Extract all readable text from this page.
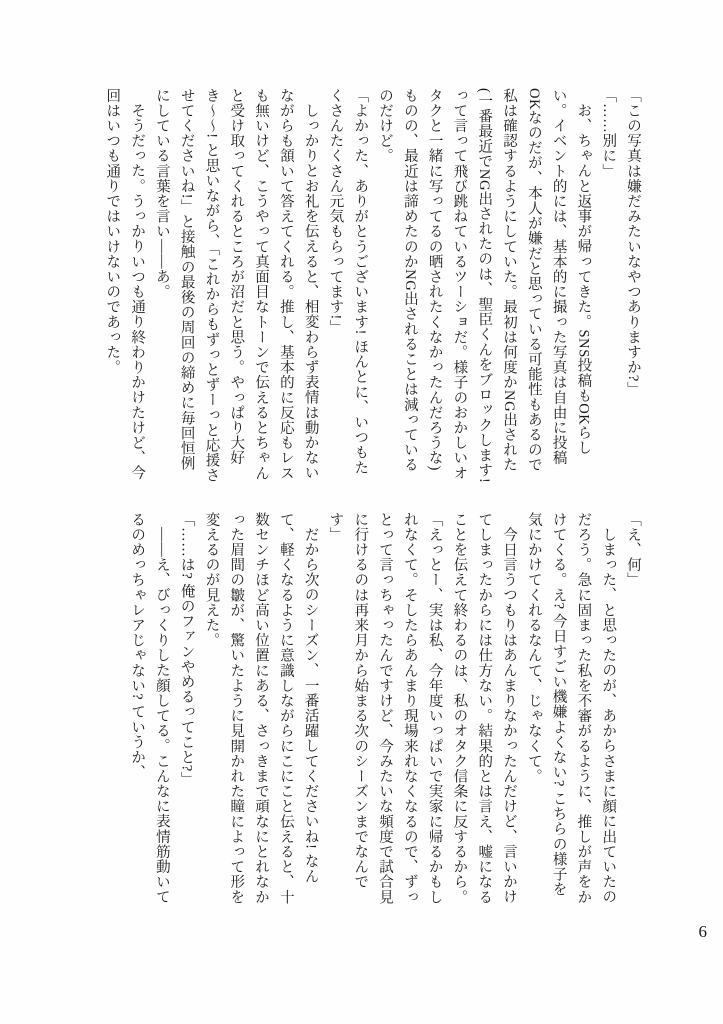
「この写真は嫌だみたいなやつありますか?」

「……別に」

お、ちゃんと返事が帰ってきた。SNS投稿もOKらしい。イベント的には、基本的に撮った写真は自由に投稿OKなのだが、本人が嫌だと思っている可能性もあるので私は確認するようにしていた。最初は何度かNG出された(一番最近でNG出されたのは、聖臣くんをブロックします! って言って飛び跳ねているツーショだ。様子のおかしいオタクと一緒に写ってるの晒されたくなかったんだろうな)ものの、最近は諦めたのかNG出されることは減っているのだけど。

「よかった、ありがとうございます! ほんとに、いつもたくさんたくさん元気もらってます!」

しっかりとお礼を伝えると、相変わらず表情は動かないながらも頷いて答えてくれる。推し、基本的に反応もレスも無いけど、こうやって真面目なトーンで伝えるとちゃんと受け取ってくれるところが沼だと思う。やっぱり大好き〜〜! と思いながら、「これからもずっとずーっと応援させてくださいね!」と接触の最後の周回の締めに毎回恒例にしている言葉を言い——あ。

そうだった。うっかりいつも通り終わりかけたけど、今回はいつも通りではいけないのであった。

「え、何」

しまった、と思ったのが、あからさまに顔に出ていたのだろう。急に固まった私を不審がるように、推しが声をかけてくる。え? 今日すごい機嫌よくない? こちらの様子を気にかけてくれるなんて、じゃなくて。

今日言うつもりはあんまりなかったんだけど、言いかけてしまったからには仕方ない。結果的とは言え、嘘になることを伝えて終わるのは、私のオタク信条に反するから。

「えっとー、実は私、今年度いっぱいで実家に帰るかもしれなくて。そしたらあんまり現場来れなくなるので、ずっとって言っちゃったんですけど、今みたいな頻度で試合見に行けるのは再来月から始まる次のシーズンまでなんです」

だから次のシーズン、一番活躍してくださいね! なんて、軽くなるように意識しながらにこにこと伝えると、十数センチほど高い位置にある、さっきまで頑なにとれなかった眉間の皺が、驚いたように見開かれた瞳によって形を変えるのが見えた。

「……は? 俺のファンやめるってこと?」

——え、びっくりした顔してる。こんなに表情筋動いてるのめっちゃレアじゃない? ていうか、

6
